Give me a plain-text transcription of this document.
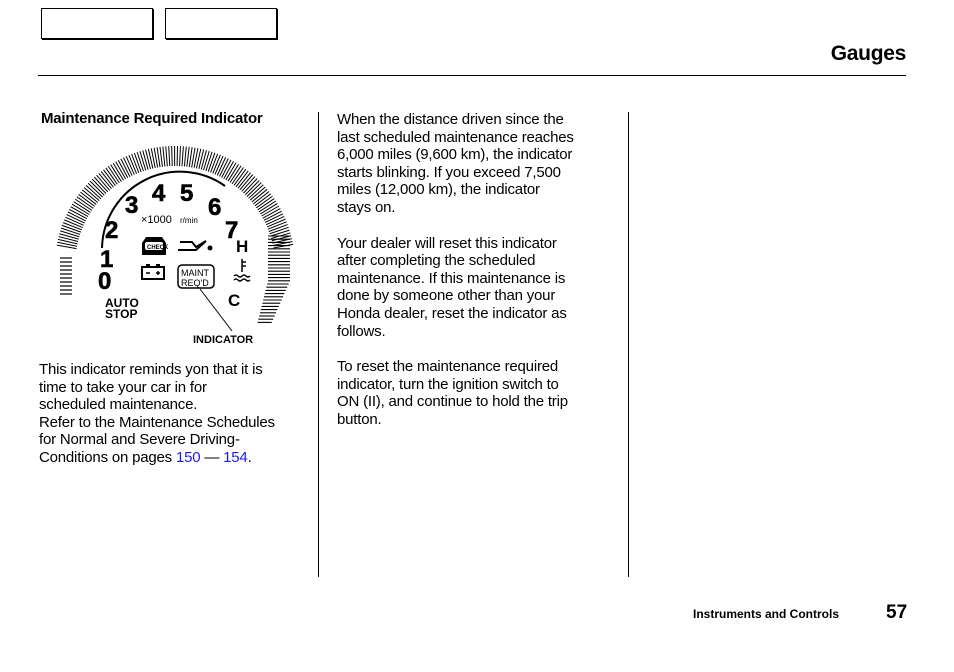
Gauges
Maintenance Required Indicator
0
1
2
3 4 5
6
7
×1000 r/min
H
C
CHECK
MAINT
REQ'D
AUTO
STOP
INDICATOR
This indicator reminds yon that it is
time to take your car in for
scheduled maintenance.
Refer to the Maintenance Schedules
for Normal and Severe Driving-
Conditions on pages 150 — 154.
When the distance driven since the
last scheduled maintenance reaches
6,000 miles (9,600 km), the indicator
starts blinking. If you exceed 7,500
miles (12,000 km), the indicator
stays on.
Your dealer will reset this indicator
after completing the scheduled
maintenance. If this maintenance is
done by someone other than your
Honda dealer, reset the indicator as
follows.
To reset the maintenance required
indicator, turn the ignition switch to
ON (II), and continue to hold the trip
button.
Instruments and Controls 57
